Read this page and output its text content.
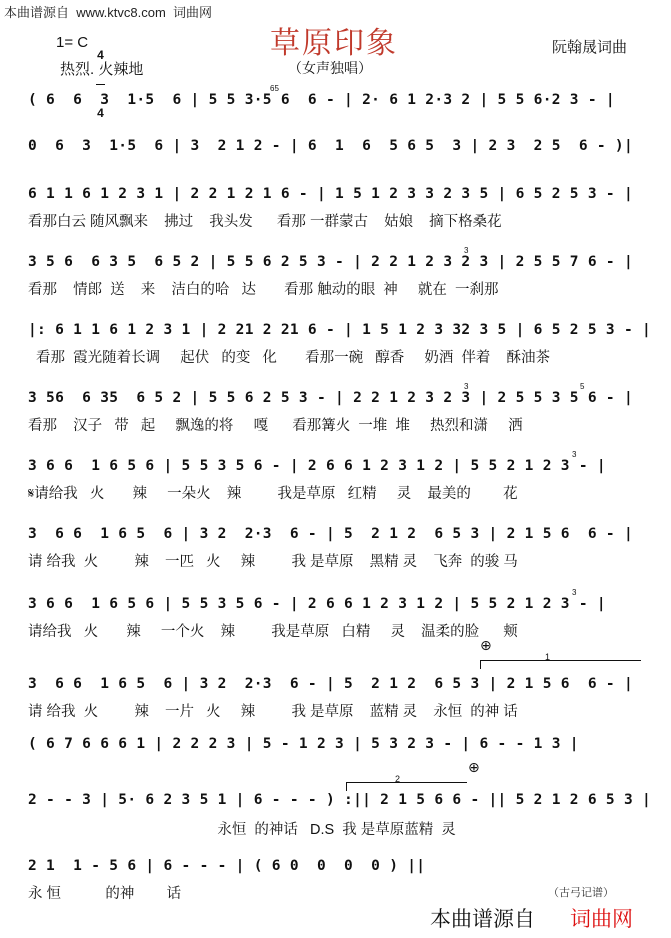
本曲谱源自  www.ktvc8.com  词曲网
草原印象
1= C

4

4

热烈. 火辣地	（女声独唱）
阮翰晟词曲
( 6  6  3  1·5  6 | 5 5 3·5 6  6 - | 2· 6 1 2·3 2 | 5 5 6·2 3 - |
65
0  6  3  1·5  6 | 3  2 1 2 - | 6  1  6  5 6 5  3 | 2 3  2 5  6 - )|
6 1 1 6 1 2 3 1 | 2 2 1 2 1 6 - | 1 5 1 2 3 3 2 3 5 | 6 5 2 5 3 - |
看那白云 随风飘来    拂过    我头发      看那 一群蒙古    姑娘    摘下格桑花
3 5 6  6 3 5  6 5 2 | 5 5 6 2 5 3 - | 2 2 1 2 3 2 3 | 2 5 5 7 6 - |
看那    情郎  送    来    洁白的哈   达       看那 触动的眼  神     就在  一刹那
3
|: 6 1 1 6 1 2 3 1 | 2 21 2 21 6 - | 1 5 1 2 3 32 3 5 | 6 5 2 5 3 - |
看那  霞光随着长调     起伏   的变   化       看那一碗   醇香     奶酒  伴着    酥油茶
3 56  6 35  6 5 2 | 5 5 6 2 5 3 - | 2 2 1 2 3 2 3 | 2 5 5 3 5 6 - |
看那    汉子   带   起     飘逸的将     嘎      看那篝火  一堆  堆     热烈和潇     洒
3	5
3 6 6  1 6 5 6 | 5 5 3 5 6 - | 2 6 6 1 2 3 1 2 | 5 5 2 1 2 3 - |
𝄋请给我   火       辣     一朵火    辣         我是草原   红精     灵    最美的        花
3
3  6 6  1 6 5  6 | 3 2  2·3  6 - | 5  2 1 2  6 5 3 | 2 1 5 6  6 - |
请 给我  火         辣    一匹   火     辣         我 是草原    黑精 灵    飞奔  的骏 马
3 6 6  1 6 5 6 | 5 5 3 5 6 - | 2 6 6 1 2 3 1 2 | 5 5 2 1 2 3 - |
请给我   火       辣     一个火    辣         我是草原   白精     灵    温柔的脸      颊
3
⊕
1
3  6 6  1 6 5  6 | 3 2  2·3  6 - | 5  2 1 2  6 5 3 | 2 1 5 6  6 - |
请 给我  火         辣    一片   火     辣         我 是草原    蓝精 灵    永恒  的神 话
( 6 7 6 6 6 1 | 2 2 2 3 | 5 - 1 2 3 | 5 3 2 3 - | 6 - - 1 3 |
⊕
2
2 - - 3 | 5· 6 2 3 5 1 | 6 - - - ) :|| 2 1 5 6 6 - || 5 2 1 2 6 5 3 |
永恒  的神话   D.S  我 是草原蓝精  灵
2 1  1 - 5 6 | 6 - - - | ( 6 0  0  0  0 ) ||
永 恒           的神        话	（古弓记谱）
本曲谱源自 词曲网
